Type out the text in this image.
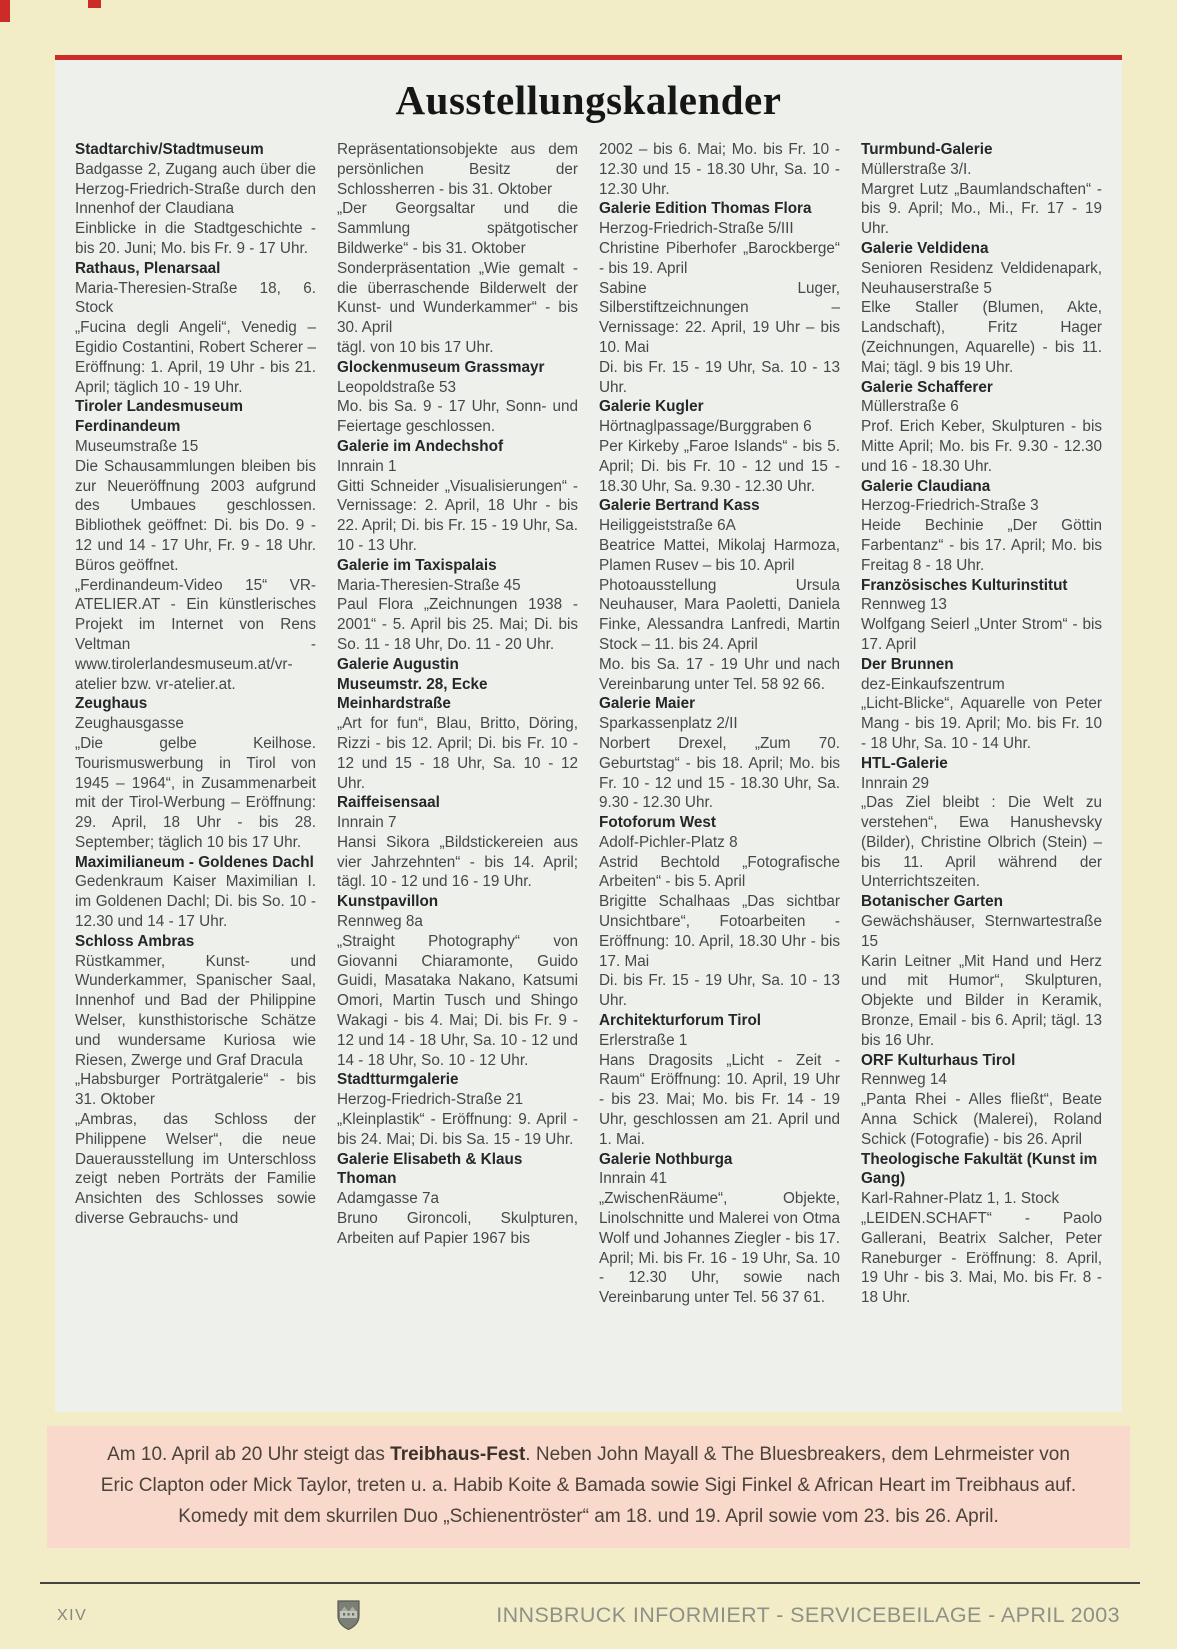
Ausstellungskalender

Stadtarchiv/Stadtmuseum

Badgasse 2, Zugang auch über die Herzog-Friedrich-Straße durch den Innenhof der Claudiana

Einblicke in die Stadtgeschichte - bis 20. Juni; Mo. bis Fr. 9 - 17 Uhr.

Rathaus, Plenarsaal

Maria-Theresien-Straße 18, 6. Stock

„Fucina degli Angeli“, Venedig – Egidio Costantini, Robert Scherer – Eröffnung: 1. April, 19 Uhr - bis 21. April; täglich 10 - 19 Uhr.

Tiroler Landesmuseum Ferdinandeum

Museumstraße 15

Die Schausammlungen bleiben bis zur Neueröffnung 2003 aufgrund des Umbaues geschlossen. Bibliothek geöffnet: Di. bis Do. 9 - 12 und 14 - 17 Uhr, Fr. 9 - 18 Uhr. Büros geöffnet.

„Ferdinandeum-Video 15“ VR-ATELIER.AT - Ein künstlerisches Projekt im Internet von Rens Veltman - www.tirolerlandesmuseum.at/vr-atelier bzw. vr-atelier.at.

Zeughaus

Zeughausgasse

„Die gelbe Keilhose. Tourismuswerbung in Tirol von 1945 – 1964“, in Zusammenarbeit mit der Tirol-Werbung – Eröffnung: 29. April, 18 Uhr - bis 28. September; täglich 10 bis 17 Uhr.

Maximilianeum - Goldenes Dachl

Gedenkraum Kaiser Maximilian I. im Goldenen Dachl; Di. bis So. 10 - 12.30 und 14 - 17 Uhr.

Schloss Ambras

Rüstkammer, Kunst- und Wunderkammer, Spanischer Saal, Innenhof und Bad der Philippine Welser, kunsthistorische Schätze und wundersame Kuriosa wie Riesen, Zwerge und Graf Dracula

„Habsburger Porträtgalerie“ - bis 31. Oktober

„Ambras, das Schloss der Philippene Welser“, die neue Dauerausstellung im Unterschloss zeigt neben Porträts der Familie Ansichten des Schlosses sowie diverse Gebrauchs- und

Repräsentationsobjekte aus dem persönlichen Besitz der Schlossherren - bis 31. Oktober

„Der Georgsaltar und die Sammlung spätgotischer Bildwerke“ - bis 31. Oktober

Sonderpräsentation „Wie gemalt - die überraschende Bilderwelt der Kunst- und Wunderkammer“ - bis 30. April

tägl. von 10 bis 17 Uhr.

Glockenmuseum Grassmayr

Leopoldstraße 53

Mo. bis Sa. 9 - 17 Uhr, Sonn- und Feiertage geschlossen.

Galerie im Andechshof

Innrain 1

Gitti Schneider „Visualisierungen“ - Vernissage: 2. April, 18 Uhr - bis 22. April; Di. bis Fr. 15 - 19 Uhr, Sa. 10 - 13 Uhr.

Galerie im Taxispalais

Maria-Theresien-Straße 45

Paul Flora „Zeichnungen 1938 - 2001“ - 5. April bis 25. Mai; Di. bis So. 11 - 18 Uhr, Do. 11 - 20 Uhr.

Galerie Augustin

Museumstr. 28, Ecke Meinhardstraße

„Art for fun“, Blau, Britto, Döring, Rizzi - bis 12. April; Di. bis Fr. 10 - 12 und 15 - 18 Uhr, Sa. 10 - 12 Uhr.

Raiffeisensaal

Innrain 7

Hansi Sikora „Bildstickereien aus vier Jahrzehnten“ - bis 14. April; tägl. 10 - 12 und 16 - 19 Uhr.

Kunstpavillon

Rennweg 8a

„Straight Photography“ von Giovanni Chiaramonte, Guido Guidi, Masataka Nakano, Katsumi Omori, Martin Tusch und Shingo Wakagi - bis 4. Mai; Di. bis Fr. 9 - 12 und 14 - 18 Uhr, Sa. 10 - 12 und 14 - 18 Uhr, So. 10 - 12 Uhr.

Stadtturmgalerie

Herzog-Friedrich-Straße 21

„Kleinplastik“ - Eröffnung: 9. April - bis 24. Mai; Di. bis Sa. 15 - 19 Uhr.

Galerie Elisabeth & Klaus Thoman

Adamgasse 7a

Bruno Gironcoli, Skulpturen, Arbeiten auf Papier 1967 bis

2002 – bis 6. Mai; Mo. bis Fr. 10 - 12.30 und 15 - 18.30 Uhr, Sa. 10 - 12.30 Uhr.

Galerie Edition Thomas Flora

Herzog-Friedrich-Straße 5/III

Christine Piberhofer „Barockberge“ - bis 19. April

Sabine Luger, Silberstiftzeichnungen – Vernissage: 22. April, 19 Uhr – bis 10. Mai

Di. bis Fr. 15 - 19 Uhr, Sa. 10 - 13 Uhr.

Galerie Kugler

Hörtnaglpassage/Burggraben 6

Per Kirkeby „Faroe Islands“ - bis 5. April; Di. bis Fr. 10 - 12 und 15 - 18.30 Uhr, Sa. 9.30 - 12.30 Uhr.

Galerie Bertrand Kass

Heiliggeiststraße 6A

Beatrice Mattei, Mikolaj Harmoza, Plamen Rusev – bis 10. April

Photoausstellung Ursula Neuhauser, Mara Paoletti, Daniela Finke, Alessandra Lanfredi, Martin Stock – 11. bis 24. April

Mo. bis Sa. 17 - 19 Uhr und nach Vereinbarung unter Tel. 58 92 66.

Galerie Maier

Sparkassenplatz 2/II

Norbert Drexel, „Zum 70. Geburtstag“ - bis 18. April; Mo. bis Fr. 10 - 12 und 15 - 18.30 Uhr, Sa. 9.30 - 12.30 Uhr.

Fotoforum West

Adolf-Pichler-Platz 8

Astrid Bechtold „Fotografische Arbeiten“ - bis 5. April

Brigitte Schalhaas „Das sichtbar Unsichtbare“, Fotoarbeiten - Eröffnung: 10. April, 18.30 Uhr - bis 17. Mai

Di. bis Fr. 15 - 19 Uhr, Sa. 10 - 13 Uhr.

Architekturforum Tirol

Erlerstraße 1

Hans Dragosits „Licht - Zeit - Raum“ Eröffnung: 10. April, 19 Uhr - bis 23. Mai; Mo. bis Fr. 14 - 19 Uhr, geschlossen am 21. April und 1. Mai.

Galerie Nothburga

Innrain 41

„ZwischenRäume“, Objekte, Linolschnitte und Malerei von Otma Wolf und Johannes Ziegler - bis 17. April; Mi. bis Fr. 16 - 19 Uhr, Sa. 10 - 12.30 Uhr, sowie nach Vereinbarung unter Tel. 56 37 61.

Turmbund-Galerie

Müllerstraße 3/I.

Margret Lutz „Baumlandschaften“ - bis 9. April; Mo., Mi., Fr. 17 - 19 Uhr.

Galerie Veldidena

Senioren Residenz Veldidenapark, Neuhauserstraße 5

Elke Staller (Blumen, Akte, Landschaft), Fritz Hager (Zeichnungen, Aquarelle) - bis 11. Mai; tägl. 9 bis 19 Uhr.

Galerie Schafferer

Müllerstraße 6

Prof. Erich Keber, Skulpturen - bis Mitte April; Mo. bis Fr. 9.30 - 12.30 und 16 - 18.30 Uhr.

Galerie Claudiana

Herzog-Friedrich-Straße 3

Heide Bechinie „Der Göttin Farbentanz“ - bis 17. April; Mo. bis Freitag 8 - 18 Uhr.

Französisches Kulturinstitut

Rennweg 13

Wolfgang Seierl „Unter Strom“ - bis 17. April

Der Brunnen

dez-Einkaufszentrum

„Licht-Blicke“, Aquarelle von Peter Mang - bis 19. April; Mo. bis Fr. 10 - 18 Uhr, Sa. 10 - 14 Uhr.

HTL-Galerie

Innrain 29

„Das Ziel bleibt : Die Welt zu verstehen“, Ewa Hanushevsky (Bilder), Christine Olbrich (Stein) – bis 11. April während der Unterrichtszeiten.

Botanischer Garten

Gewächshäuser, Sternwartestraße 15

Karin Leitner „Mit Hand und Herz und mit Humor“, Skulpturen, Objekte und Bilder in Keramik, Bronze, Email - bis 6. April; tägl. 13 bis 16 Uhr.

ORF Kulturhaus Tirol

Rennweg 14

„Panta Rhei - Alles fließt“, Beate Anna Schick (Malerei), Roland Schick (Fotografie) - bis 26. April

Theologische Fakultät (Kunst im Gang)

Karl-Rahner-Platz 1, 1. Stock

„LEIDEN.SCHAFT“ - Paolo Gallerani, Beatrix Salcher, Peter Raneburger - Eröffnung: 8. April, 19 Uhr - bis 3. Mai, Mo. bis Fr. 8 - 18 Uhr.

Am 10. April ab 20 Uhr steigt das Treibhaus-Fest. Neben John Mayall & The Bluesbreakers, dem Lehrmeister von Eric Clapton oder Mick Taylor, treten u. a. Habib Koite & Bamada sowie Sigi Finkel & African Heart im Treibhaus auf. Komedy mit dem skurrilen Duo „Schienentröster“ am 18. und 19. April sowie vom 23. bis 26. April.

XIV	INNSBRUCK INFORMIERT - SERVICEBEILAGE - APRIL 2003
